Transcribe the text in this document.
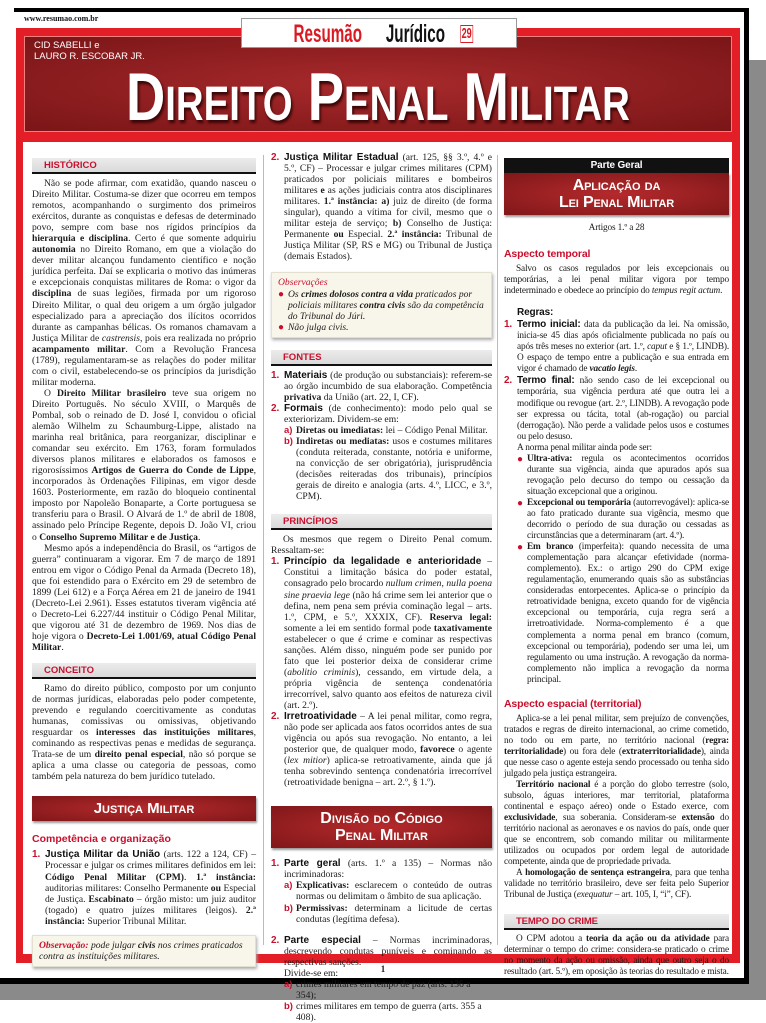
www.resumao.com.br
CID SABELLI e
LAURO R. ESCOBAR JR.
Resumão Jurídico 29
Direito Penal Militar
HISTÓRICO

Não se pode afirmar, com exatidão, quando nasceu o Direito Militar. Costuma-se dizer que ocorreu em tempos remotos, acompanhando o surgimento dos primeiros exércitos, durante as conquistas e defesas de determinado povo, sempre com base nos rígidos princípios da hierarquia e disciplina. Certo é que somente adquiriu autonomia no Direito Romano, em que a violação do dever militar alcançou fundamento científico e noção jurídica perfeita. Daí se explicaria o motivo das inúmeras e excepcionais conquistas militares de Roma: o vigor da disciplina de suas legiões, firmada por um rigoroso Direito Militar, o qual deu origem a um órgão julgador especializado para a apreciação dos ilícitos ocorridos durante as campanhas bélicas. Os romanos chamavam a Justiça Militar de castrensis, pois era realizada no próprio acampamento militar. Com a Revolução Francesa (1789), regulamentaram-se as relações do poder militar com o civil, estabelecendo-se os princípios da jurisdição militar moderna.

O Direito Militar brasileiro teve sua origem no Direito Português. No século XVIII, o Marquês de Pombal, sob o reinado de D. José I, convidou o oficial alemão Wilhelm zu Schaumburg-Lippe, alistado na marinha real britânica, para reorganizar, disciplinar e comandar seu exército. Em 1763, foram formulados diversos planos militares e elaborados os famosos e rigorosíssimos Artigos de Guerra do Conde de Lippe, incorporados às Ordenações Filipinas, em vigor desde 1603. Posteriormente, em razão do bloqueio continental imposto por Napoleão Bonaparte, a Corte portuguesa se transferiu para o Brasil. O Alvará de 1.º de abril de 1808, assinado pelo Príncipe Regente, depois D. João VI, criou o Conselho Supremo Militar e de Justiça.

Mesmo após a independência do Brasil, os “artigos de guerra” continuaram a vigorar. Em 7 de março de 1891 entrou em vigor o Código Penal da Armada (Decreto 18), que foi estendido para o Exército em 29 de setembro de 1899 (Lei 612) e a Força Aérea em 21 de janeiro de 1941 (Decreto-Lei 2.961). Esses estatutos tiveram vigência até o Decreto-Lei 6.227/44 instituir o Código Penal Militar, que vigorou até 31 de dezembro de 1969. Nos dias de hoje vigora o Decreto-Lei 1.001/69, atual Código Penal Militar.

CONCEITO

Ramo do direito público, composto por um conjunto de normas jurídicas, elaboradas pelo poder competente, prevendo e regulando coercitivamente as condutas humanas, comissivas ou omissivas, objetivando resguardar os interesses das instituições militares, cominando as respectivas penas e medidas de segurança. Trata-se de um direito penal especial, não só porque se aplica a uma classe ou categoria de pessoas, como também pela natureza do bem jurídico tutelado.

Justiça Militar
Competência e organização
1. Justiça Militar da União (arts. 122 a 124, CF) – Processar e julgar os crimes militares definidos em lei: Código Penal Militar (CPM). 1.ª instância: auditorias militares: Conselho Permanente ou Especial de Justiça. Escabinato – órgão misto: um juiz auditor (togado) e quatro juízes militares (leigos). 2.ª instância: Superior Tribunal Militar.
Observação: pode julgar civis nos crimes praticados contra as instituições militares.
2. Justiça Militar Estadual (art. 125, §§ 3.º, 4.º e 5.º, CF) – Processar e julgar crimes militares (CPM) praticados por policiais militares e bombeiros militares e as ações judiciais contra atos disciplinares militares. 1.ª instância: a) juiz de direito (de forma singular), quando a vítima for civil, mesmo que o militar esteja de serviço; b) Conselho de Justiça: Permanente ou Especial. 2.ª instância: Tribunal de Justiça Militar (SP, RS e MG) ou Tribunal de Justiça (demais Estados).
Observações
● Os crimes dolosos contra a vida praticados por policiais militares contra civis são da competência do Tribunal do Júri.
● Não julga civis.
FONTES
1. Materiais (de produção ou substanciais): referem-se ao órgão incumbido de sua elaboração. Competência privativa da União (art. 22, I, CF).
2. Formais (de conhecimento): modo pelo qual se exteriorizam. Dividem-se em:
a) Diretas ou imediatas: lei – Código Penal Militar.
b) Indiretas ou mediatas: usos e costumes militares (conduta reiterada, constante, notória e uniforme, na convicção de ser obrigatória), jurisprudência (decisões reiteradas dos tribunais), princípios gerais de direito e analogia (arts. 4.º, LICC, e 3.º, CPM).
PRINCÍPIOS

Os mesmos que regem o Direito Penal comum. Ressaltam-se:

1. Princípio da legalidade e anterioridade – Constitui a limitação básica do poder estatal, consagrado pelo brocardo nullum crimen, nulla poena sine praevia lege (não há crime sem lei anterior que o defina, nem pena sem prévia cominação legal – arts. 1.º, CPM, e 5.º, XXXIX, CF). Reserva legal: somente a lei em sentido formal pode taxativamente estabelecer o que é crime e cominar as respectivas sanções. Além disso, ninguém pode ser punido por fato que lei posterior deixa de considerar crime (abolitio criminis), cessando, em virtude dela, a própria vigência de sentença condenatória irrecorrível, salvo quanto aos efeitos de natureza civil (art. 2.º).
2. Irretroatividade – A lei penal militar, como regra, não pode ser aplicada aos fatos ocorridos antes de sua vigência ou após sua revogação. No entanto, a lei posterior que, de qualquer modo, favorece o agente (lex mitior) aplica-se retroativamente, ainda que já tenha sobrevindo sentença condenatória irrecorrível (retroatividade benigna – art. 2.º, § 1.º).
Divisão do Código
Penal Militar
1. Parte geral (arts. 1.º a 135) – Normas não incriminadoras:
a) Explicativas: esclarecem o conteúdo de outras normas ou delimitam o âmbito de sua aplicação.
b) Permissivas: determinam a licitude de certas condutas (legítima defesa).
2. Parte especial – Normas incriminadoras, descrevendo condutas puníveis e cominando as respectivas sanções.
Divide-se em:
a) crimes militares em tempo de paz (arts. 136 a 354);
b) crimes militares em tempo de guerra (arts. 355 a 408).
Parte Geral
Aplicação da
Lei Penal Militar
Artigos 1.º a 28
Aspecto temporal

Salvo os casos regulados por leis excepcionais ou temporárias, a lei penal militar vigora por tempo indeterminado e obedece ao princípio do tempus regit actum.

Regras:
1. Termo inicial: data da publicação da lei. Na omissão, inicia-se 45 dias após oficialmente publicada no país ou após três meses no exterior (art. 1.º, caput e § 1.º, LINDB). O espaço de tempo entre a publicação e sua entrada em vigor é chamado de vacatio legis.
2. Termo final: não sendo caso de lei excepcional ou temporária, sua vigência perdura até que outra lei a modifique ou revogue (art. 2.º, LINDB). A revogação pode ser expressa ou tácita, total (ab-rogação) ou parcial (derrogação). Não perde a validade pelos usos e costumes ou pelo desuso.
A norma penal militar ainda pode ser:
● Ultra-ativa: regula os acontecimentos ocorridos durante sua vigência, ainda que apurados após sua revogação pelo decurso do tempo ou cessação da situação excepcional que a originou.
● Excepcional ou temporária (autorrevogável): aplica-se ao fato praticado durante sua vigência, mesmo que decorrido o período de sua duração ou cessadas as circunstâncias que a determinaram (art. 4.º).
● Em branco (imperfeita): quando necessita de uma complementação para alcançar efetividade (norma-complemento). Ex.: o artigo 290 do CPM exige regulamentação, enumerando quais são as substâncias consideradas entorpecentes. Aplica-se o princípio da retroatividade benigna, exceto quando for de vigência excepcional ou temporária, cuja regra será a irretroatividade. Norma-complemento é a que complementa a norma penal em branco (comum, excepcional ou temporária), podendo ser uma lei, um regulamento ou uma instrução. A revogação da norma-complemento não implica a revogação da norma principal.
Aspecto espacial (territorial)

Aplica-se a lei penal militar, sem prejuízo de convenções, tratados e regras de direito internacional, ao crime cometido, no todo ou em parte, no território nacional (regra: territorialidade) ou fora dele (extraterritorialidade), ainda que nesse caso o agente esteja sendo processado ou tenha sido julgado pela justiça estrangeira.

Território nacional é a porção do globo terrestre (solo, subsolo, águas interiores, mar territorial, plataforma continental e espaço aéreo) onde o Estado exerce, com exclusividade, sua soberania. Consideram-se extensão do território nacional as aeronaves e os navios do país, onde quer que se encontrem, sob comando militar ou militarmente utilizados ou ocupados por ordem legal de autoridade competente, ainda que de propriedade privada.

A homologação de sentença estrangeira, para que tenha validade no território brasileiro, deve ser feita pelo Superior Tribunal de Justiça (exequatur – art. 105, I, “i”, CF).

TEMPO DO CRIME

O CPM adotou a teoria da ação ou da atividade para determinar o tempo do crime: considera-se praticado o crime no momento da ação ou omissão, ainda que outro seja o do resultado (art. 5.º), em oposição às teorias do resultado e mista.

1
